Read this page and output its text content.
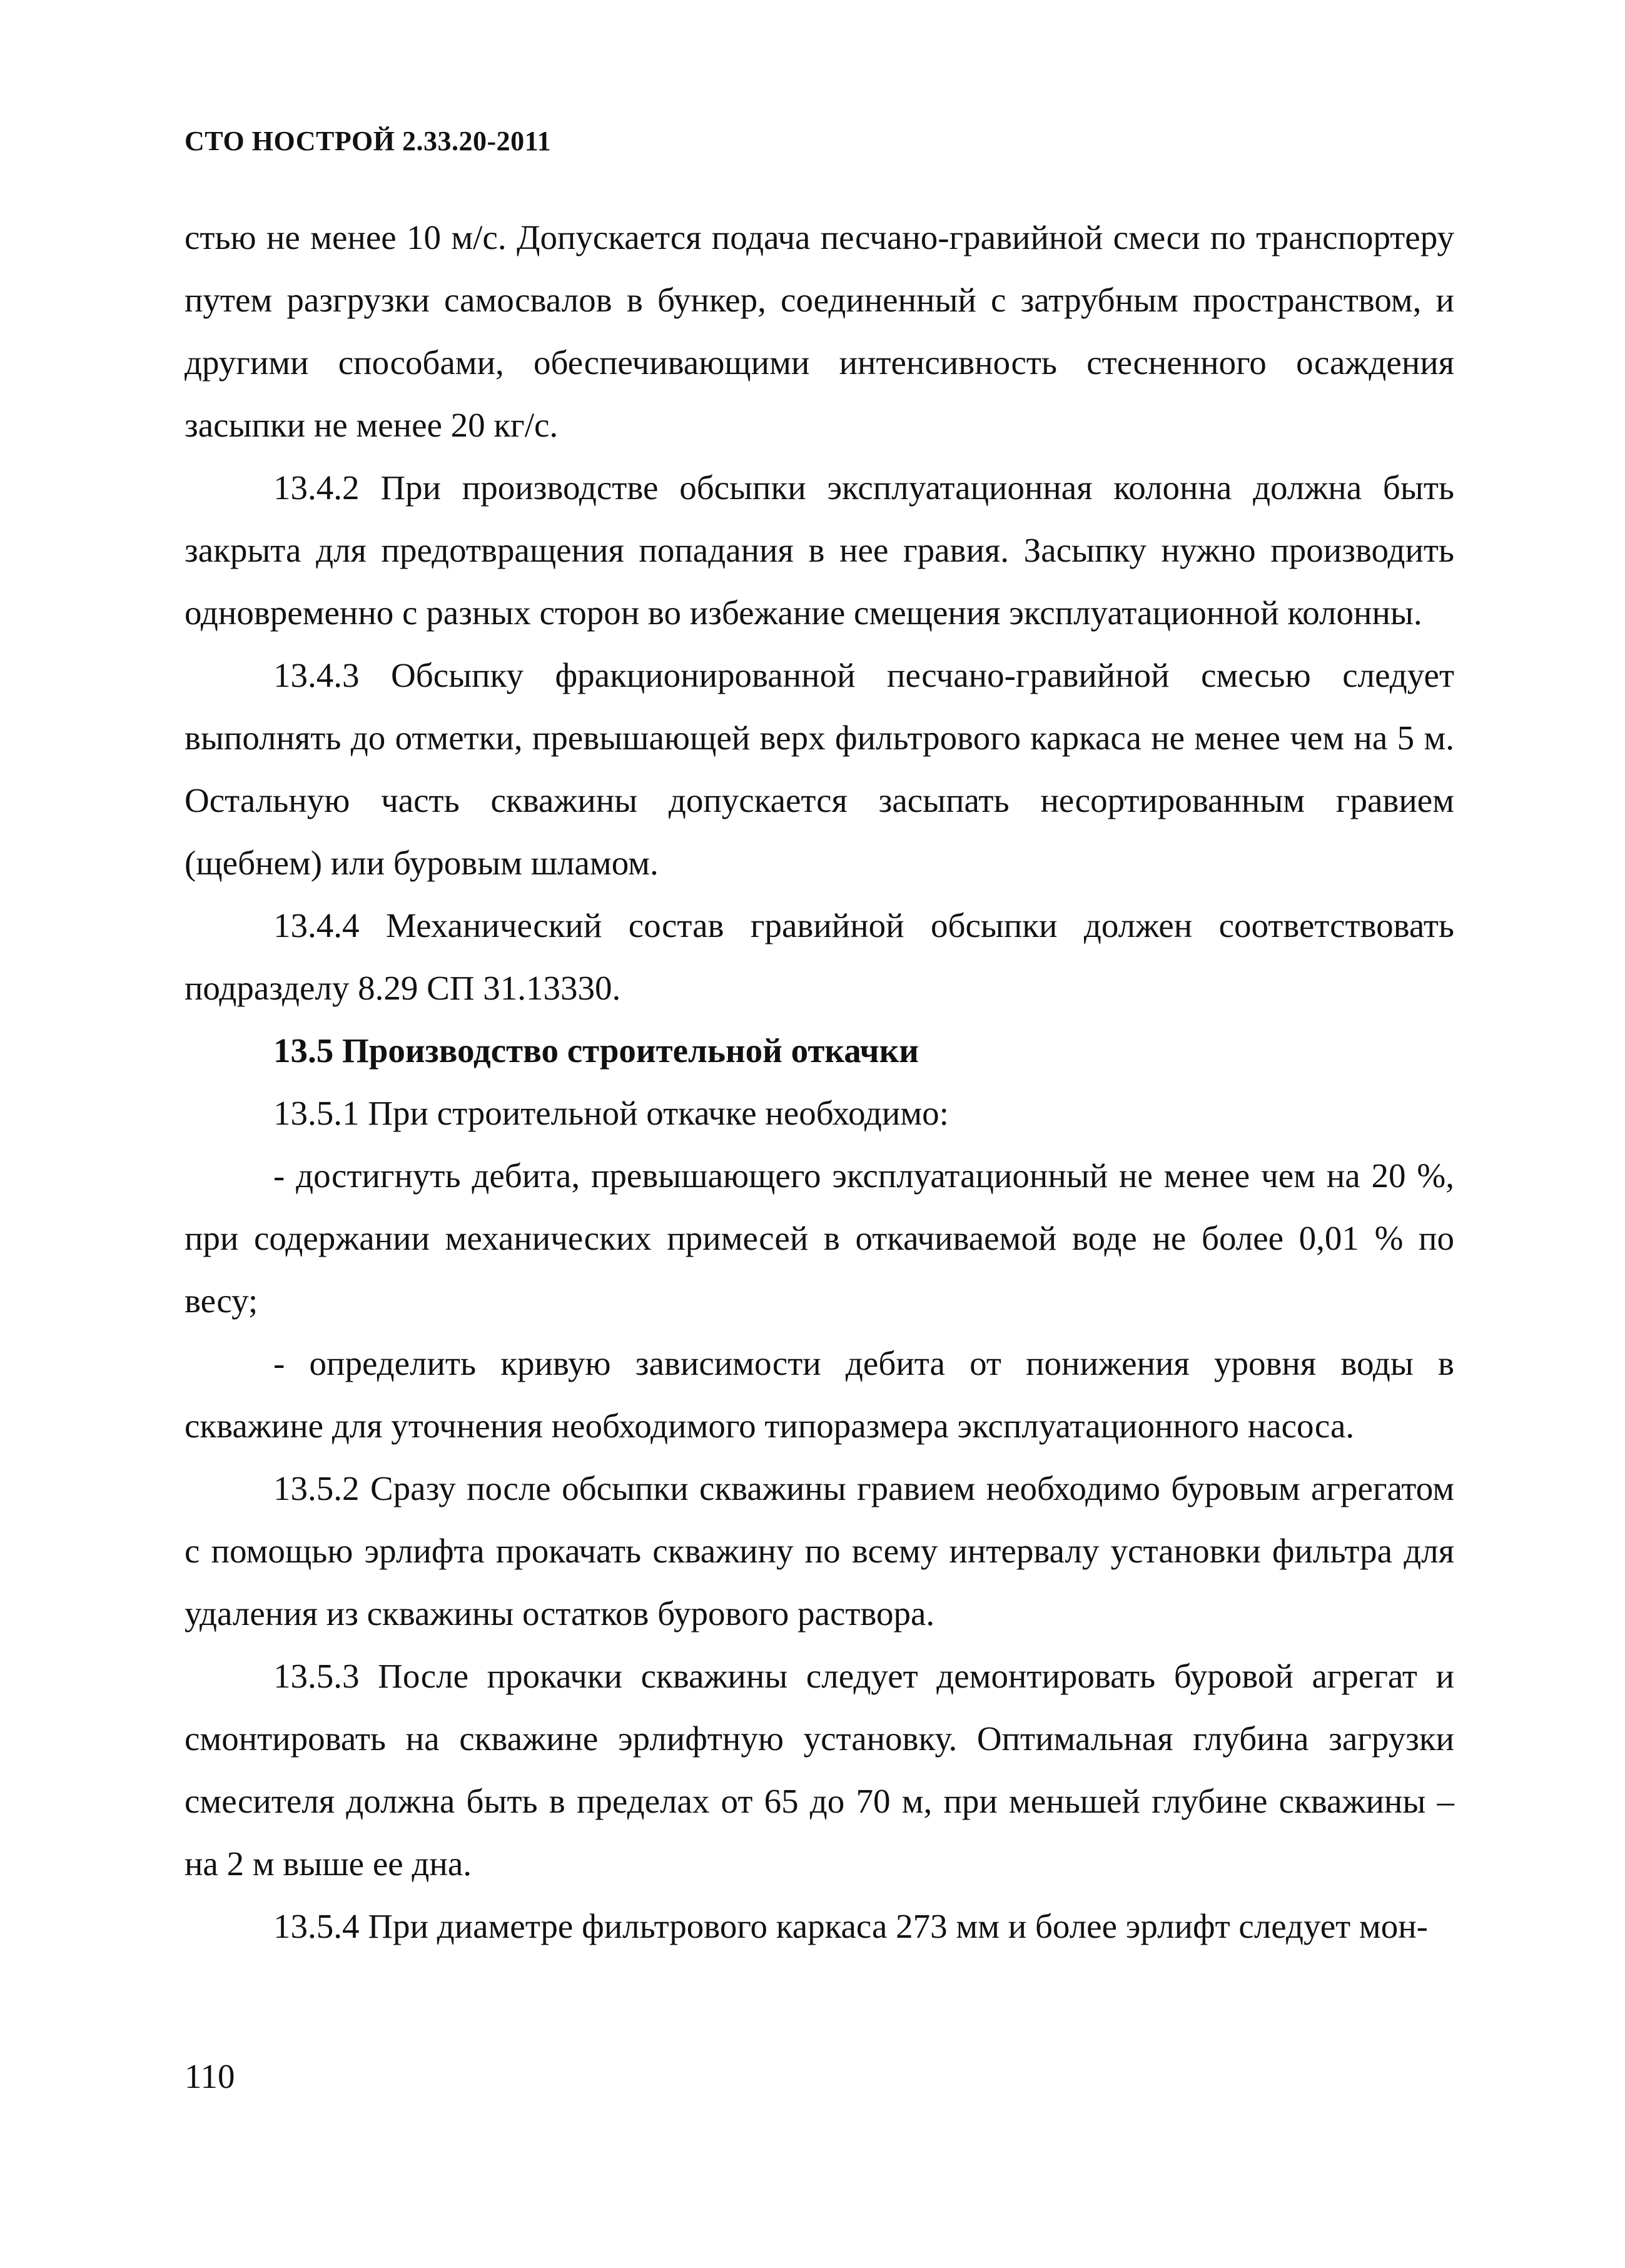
СТО НОСТРОЙ 2.33.20-2011

стью не менее 10 м/с. Допускается подача песчано-гравийной смеси по транспортеру путем разгрузки самосвалов в бункер, соединенный с затрубным пространством, и другими способами, обеспечивающими интенсивность стесненного осаждения засыпки не менее 20 кг/с.

13.4.2 При производстве обсыпки эксплуатационная колонна должна быть закрыта для предотвращения попадания в нее гравия. Засыпку нужно производить одновременно с разных сторон во избежание смещения эксплуатационной колонны.

13.4.3 Обсыпку фракционированной песчано-гравийной смесью следует выполнять до отметки, превышающей верх фильтрового каркаса не менее чем на 5 м. Остальную часть скважины допускается засыпать несортированным гравием (щебнем) или буровым шламом.

13.4.4 Механический состав гравийной обсыпки должен соответствовать подразделу 8.29 СП 31.13330.

13.5 Производство строительной откачки

13.5.1 При строительной откачке необходимо:

- достигнуть дебита, превышающего эксплуатационный не менее чем на 20 %, при содержании механических примесей в откачиваемой воде не более 0,01 % по весу;

- определить кривую зависимости дебита от понижения уровня воды в скважине для уточнения необходимого типоразмера эксплуатационного насоса.

13.5.2 Сразу после обсыпки скважины гравием необходимо буровым агрегатом с помощью эрлифта прокачать скважину по всему интервалу установки фильтра для удаления из скважины остатков бурового раствора.

13.5.3 После прокачки скважины следует демонтировать буровой агрегат и смонтировать на скважине эрлифтную установку. Оптимальная глубина загрузки смесителя должна быть в пределах от 65 до 70 м, при меньшей глубине скважины – на 2 м выше ее дна.

13.5.4 При диаметре фильтрового каркаса 273 мм и более эрлифт следует мон-

110
